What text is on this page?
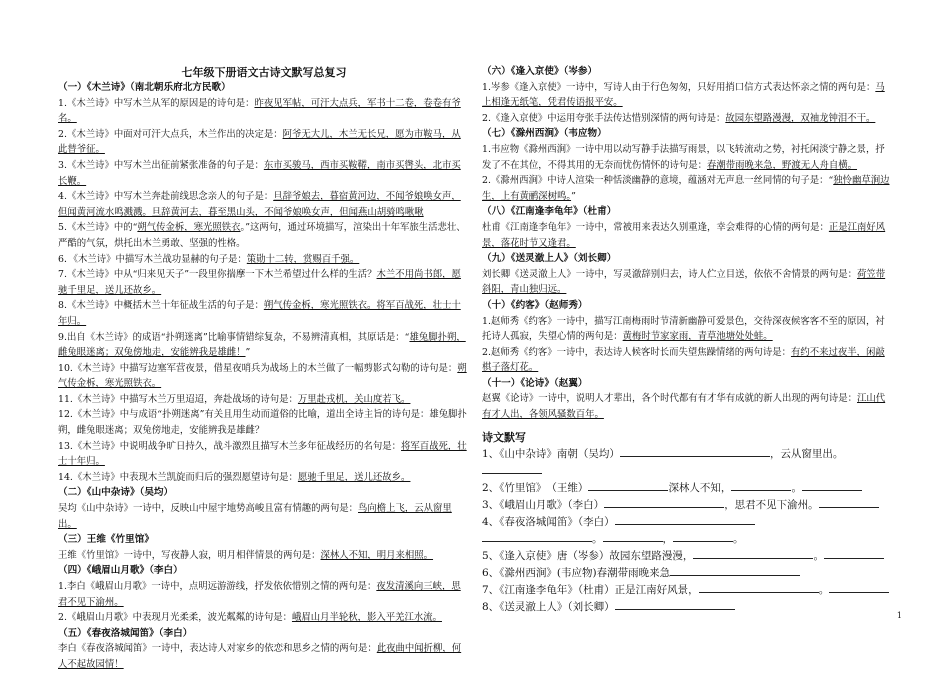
七年级下册语文古诗文默写总复习
（一）《木兰诗》（南北朝乐府北方民歌）
1.《木兰诗》中写木兰从军的原因是的诗句是：昨夜见军帖，可汗大点兵，军书十二卷，卷卷有爷名。
2.《木兰诗》中面对可汗大点兵，木兰作出的决定是：阿爷无大儿，木兰无长兄，愿为市鞍马，从此替爷征。
3.《木兰诗》中写木兰出征前紧张准备的句子是：东市买骏马，西市买鞍鞯，南市买辔头，北市买长鞭。
4.《木兰诗》中写木兰奔赴前线思念亲人的句子是：旦辞爷娘去，暮宿黄河边，不闻爷娘唤女声，但闻黄河流水鸣溅溅。旦辞黄河去，暮至黑山头，不闻爷娘唤女声，但闻燕山胡骑鸣啾啾
5.《木兰诗》中的“朔气传金柝，寒光照铁衣。”这两句，通过环境描写，渲染出十年军旅生活悲壮、严酷的气氛，烘托出木兰勇敢、坚强的性格。
6．《木兰诗》中描写木兰战功显赫的句子是：策勋十二转，赏赐百千强。
7.《木兰诗》中从“归来见天子”一段里你揣摩一下木兰希望过什么样的生活？木兰不用尚书郎，愿驰千里足，送儿还故乡。
8.《木兰诗》中概括木兰十年征战生活的句子是：朔气传金柝，寒光照铁衣。将军百战死，壮士十年归。
9.出自《木兰诗》的成语“扑朔迷离”比喻事情错综复杂，不易辨清真相，其原话是：“雄兔脚扑朔，雌兔眼迷离；双兔傍地走，安能辨我是雄雌！”
10.《木兰诗》中描写边塞军营夜景，借星夜哨兵为战场上的木兰做了一幅剪影式勾勒的诗句是：朔气传金柝，寒光照铁衣。
11.《木兰诗》中描写木兰万里迢迢，奔赴战场的诗句是：万里赴戎机，关山度若飞。
12.《木兰诗》中与成语“扑朔迷离”有关且用生动而道俗的比喻，道出全诗主旨的诗句是：雄兔脚扑朔，雌兔眼迷离；双兔傍地走，安能辨我是雄雌？
13.《木兰诗》中说明战争旷日持久，战斗激烈且描写木兰多年征战经历的名句是：将军百战死，壮士十年归。
14.《木兰诗》中表现木兰凯旋而归后的强烈愿望诗句是：愿驰千里足，送儿还故乡。
（二）《山中杂诗》（吴均）
吴均《山中杂诗》一诗中，反映山中屋宇地势高峻且富有情趣的两句是：鸟向檐上飞，云从窗里出。
（三）王维《竹里馆》
王维《竹里馆》一诗中，写夜静人寂，明月相伴情景的两句是：深林人不知，明月来相照。
（四）《峨眉山月歌》（李白）
1.李白《峨眉山月歌》一诗中，点明远游游线，抒发依依惜别之情的两句是：夜发清溪向三峡，思君不见下渝州。
2.《峨眉山月歌》中表现月光柔柔，波光粼粼的诗句是：峨眉山月半轮秋，影入平羌江水流。
（五）《春夜洛城闻笛》（李白）
李白《春夜洛城闻笛》一诗中，表达诗人对家乡的依恋和思乡之情的两句是：此夜曲中闻折柳，何人不起故园情！
（六）《逢入京使》（岑参）
1.岑参《逢入京使》一诗中，写诗人由于行色匆匆，只好用捎口信方式表达怀亲之情的两句是：马上相逢无纸笔，凭君传语报平安。
2.《逢入京使》中运用夸张手法传达惜别深情的两句诗是：故园东望路漫漫，双袖龙钟泪不干。
（七）《滁州西涧》（韦应物）
1.韦应物《滁州西涧》一诗中用以动写静手法描写雨景，以飞转流动之势，衬托闲淡宁静之景，抒发了不在其位，不得其用的无奈而忧伤情怀的诗句是：春潮带雨晚来急，野渡无人舟自横。
2.《滁州西涧》中诗人渲染一种恬淡幽静的意境，蕴涵对无声息一丝同情的句子是：“独怜幽草涧边生，上有黄鹂深树鸣。”
（八）《江南逢李龟年》（杜甫）
杜甫《江南逢李龟年》一诗中，常被用来表达久别重逢，幸会难得的心情的两句是：正是江南好风景，落花时节又逢君。
（九）《送灵澈上人》（刘长卿）
刘长卿《送灵澈上人》一诗中，写灵澈辞别归去，诗人伫立目送，依依不舍情景的两句是：荷笠带斜阳，青山独归远。
（十）《约客》（赵师秀）
1.赵师秀《约客》一诗中，描写江南梅雨时节清新幽静可爱景色，交待深夜候客客不至的原因，衬托诗人孤寂，失望心情的两句是：黄梅时节家家雨，青草池塘处处蛙。
2.赵师秀《约客》一诗中，表达诗人候客时长而失望焦躁情绪的两句诗是：有约不来过夜半，闲敲棋子落灯花。
（十一）《论诗》（赵翼）
赵翼《论诗》一诗中，说明人才辈出，各个时代都有有才华有成就的新人出现的两句诗是：江山代有才人出，各领风骚数百年。
诗文默写
1、《山中杂诗》南朝（吴均）	，云从窗里出。
2、《竹里馆》　（王维）	深林人不知，	。
3、《峨眉山月歌》（李白）	，思君不见下渝州。
4、《春夜洛城闻笛》（李白）
。	，	。
5、《逢入京使》唐（岑参）故园东望路漫漫，	。
6、《滁州西涧》(韦应物)春潮带雨晚来急
7、《江南逢李龟年》（杜甫）正是江南好风景，	。
8、《送灵澈上人》（刘长卿）
1
